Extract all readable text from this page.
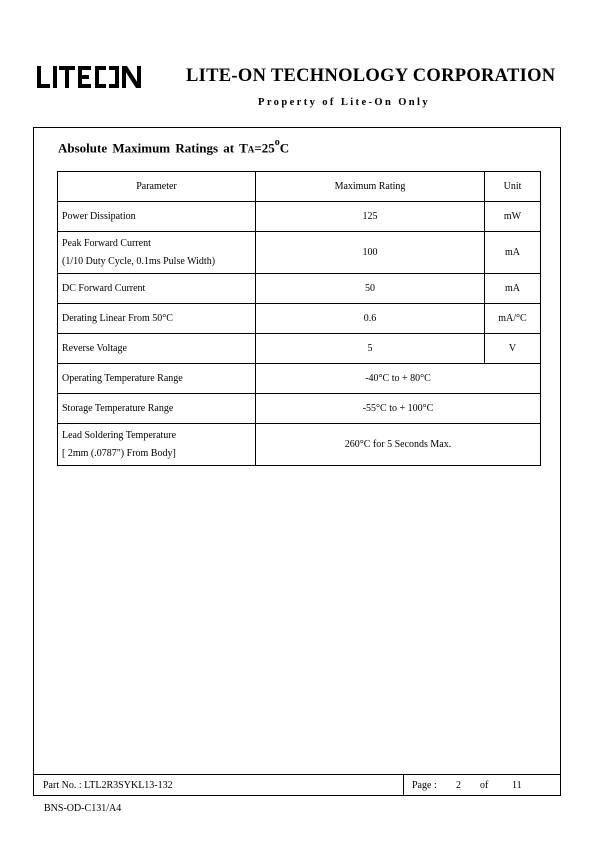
LITE-ON TECHNOLOGY CORPORATION
Property of Lite-On Only
Absolute Maximum Ratings at $TA=25^oC$
Parameter	Maximum Rating	Unit
Power Dissipation	125	mW

Peak Forward Current
(1/10 Duty Cycle, 0.1ms Pulse Width)	100	mA
DC Forward Current	50	mA
Derating Linear From 50°C	0.6	mA/°C
Reverse Voltage	5	V
Operating Temperature Range	-40°C to + 80°C	
Storage Temperature Range	-55°C to + 100°C	

Lead Soldering Temperature
[ 2mm (.0787") From Body]	260°C for 5 Seconds Max.	
Part No. : LTL2R3SYKL13-132	Page : 2 of 11
BNS-OD-C131/A4
